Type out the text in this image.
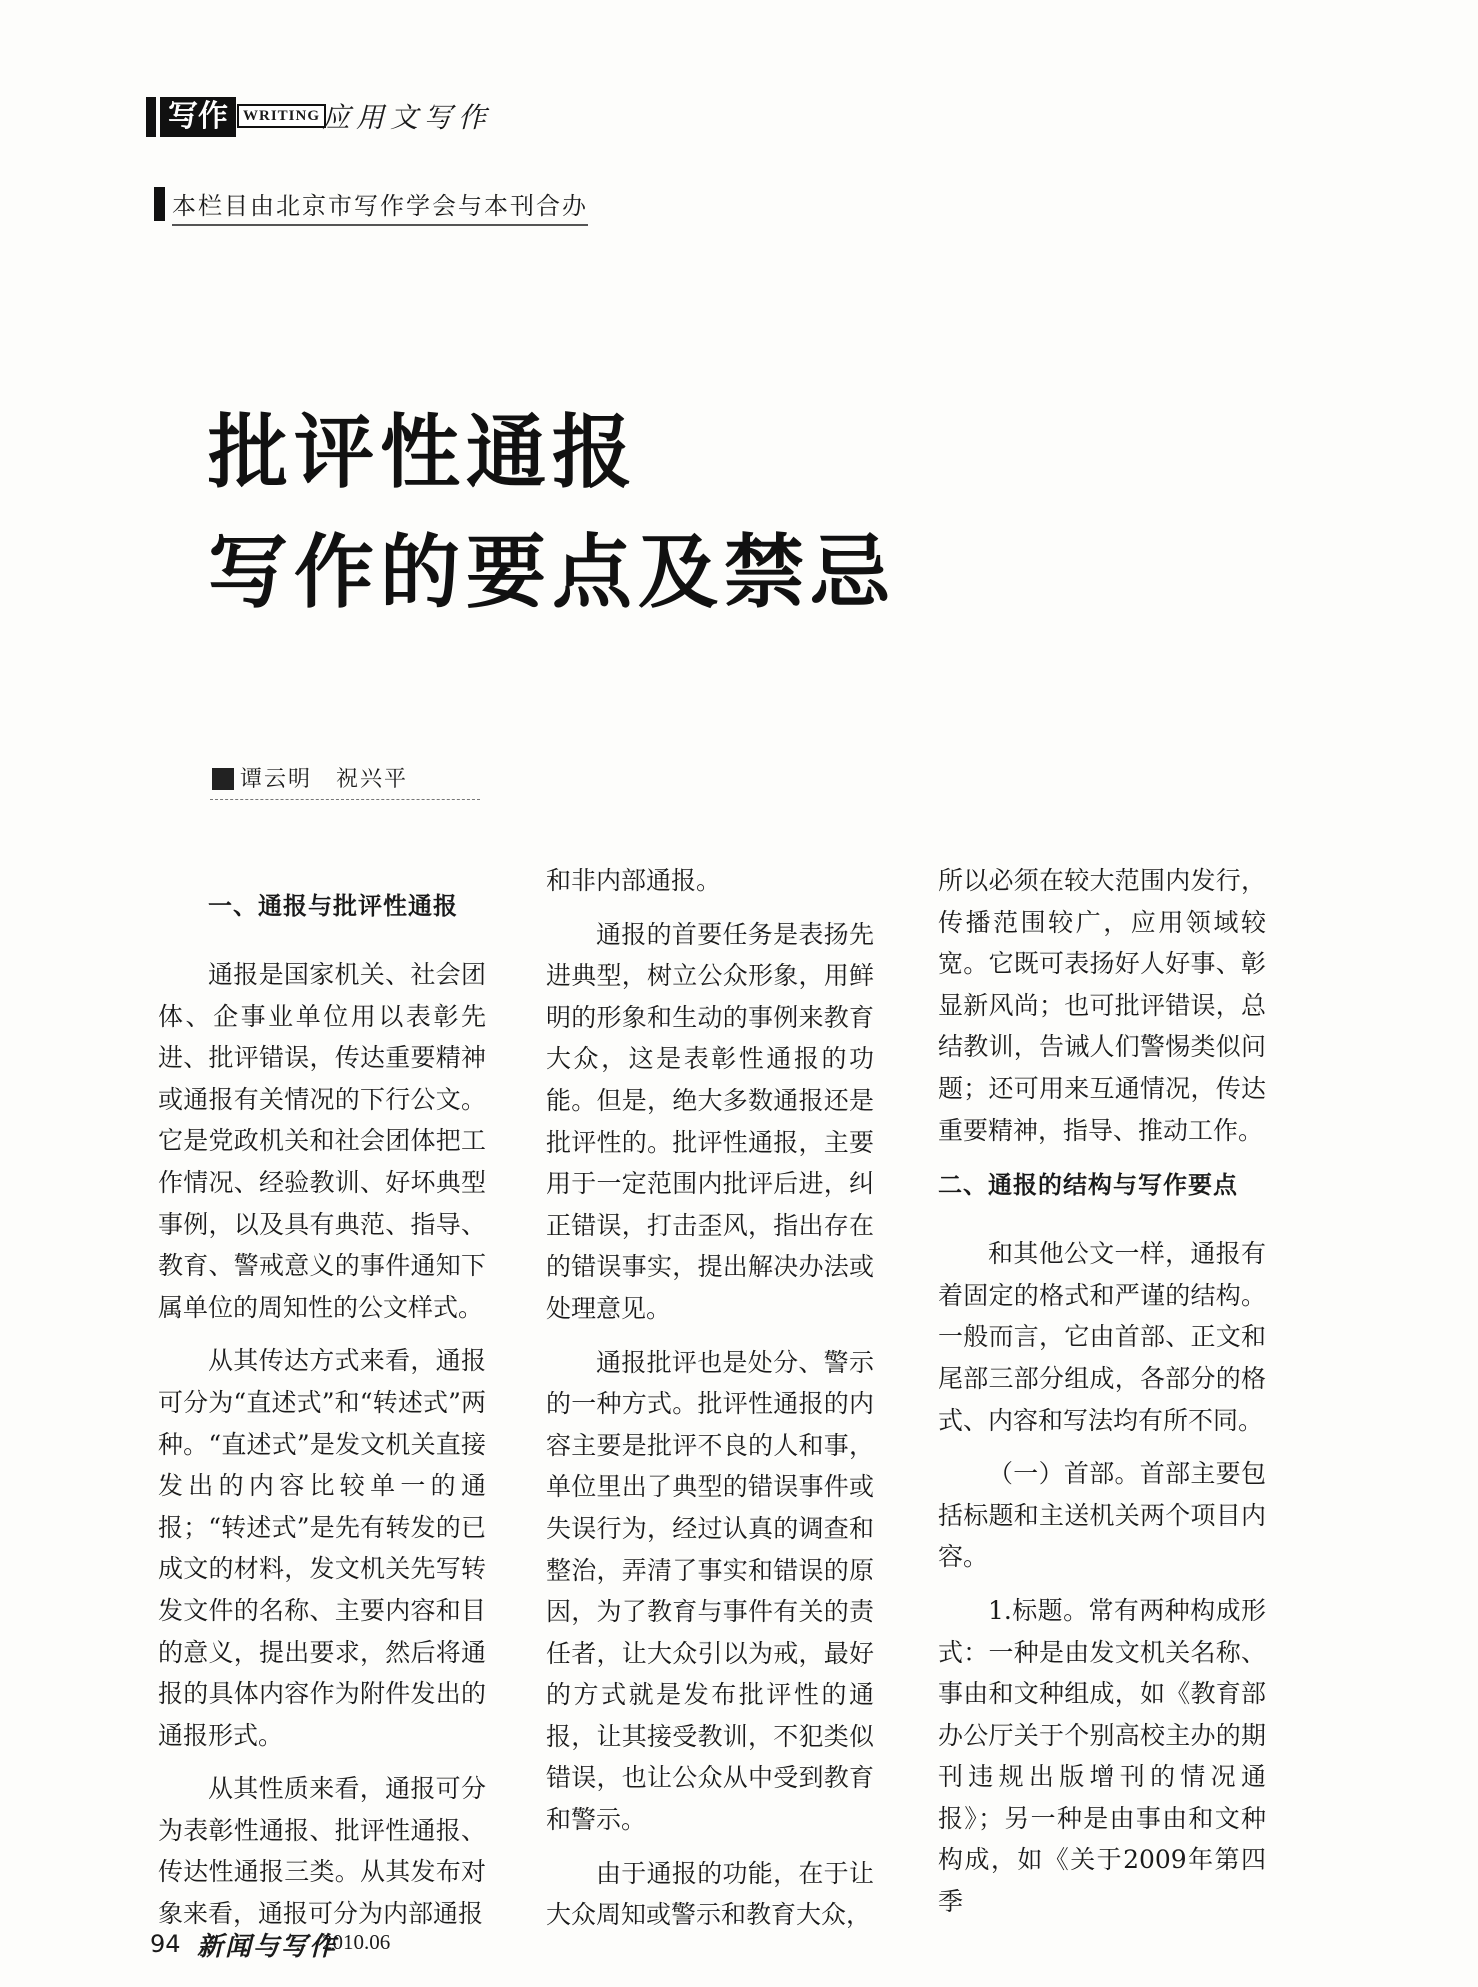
写作	WRITING 应用文写作
本栏目由北京市写作学会与本刊合办
批评性通报
写作的要点及禁忌
谭云明　祝兴平
一、通报与批评性通报

通报是国家机关、社会团体、企事业单位用以表彰先进、批评错误，传达重要精神或通报有关情况的下行公文。它是党政机关和社会团体把工作情况、经验教训、好坏典型事例，以及具有典范、指导、教育、警戒意义的事件通知下属单位的周知性的公文样式。

从其传达方式来看，通报可分为“直述式”和“转述式”两种。“直述式”是发文机关直接发出的内容比较单一的通报；“转述式”是先有转发的已成文的材料，发文机关先写转发文件的名称、主要内容和目的意义，提出要求，然后将通报的具体内容作为附件发出的通报形式。

从其性质来看，通报可分为表彰性通报、批评性通报、传达性通报三类。从其发布对象来看，通报可分为内部通报

和非内部通报。

通报的首要任务是表扬先进典型，树立公众形象，用鲜明的形象和生动的事例来教育大众，这是表彰性通报的功能。但是，绝大多数通报还是批评性的。批评性通报，主要用于一定范围内批评后进，纠正错误，打击歪风，指出存在的错误事实，提出解决办法或处理意见。

通报批评也是处分、警示的一种方式。批评性通报的内容主要是批评不良的人和事，单位里出了典型的错误事件或失误行为，经过认真的调查和整治，弄清了事实和错误的原因，为了教育与事件有关的责任者，让大众引以为戒，最好的方式就是发布批评性的通报，让其接受教训，不犯类似错误，也让公众从中受到教育和警示。

由于通报的功能，在于让大众周知或警示和教育大众，

所以必须在较大范围内发行，传播范围较广，应用领域较宽。它既可表扬好人好事、彰显新风尚；也可批评错误，总结教训，告诫人们警惕类似问题；还可用来互通情况，传达重要精神，指导、推动工作。

二、通报的结构与写作要点

和其他公文一样，通报有着固定的格式和严谨的结构。一般而言，它由首部、正文和尾部三部分组成，各部分的格式、内容和写法均有所不同。

（一）首部。首部主要包括标题和主送机关两个项目内容。

1.标题。常有两种构成形式：一种是由发文机关名称、事由和文种组成，如《教育部办公厅关于个别高校主办的期刊违规出版增刊的情况通报》；另一种是由事由和文种构成，如《关于2009年第四季

94 新闻与写作
2010.06
